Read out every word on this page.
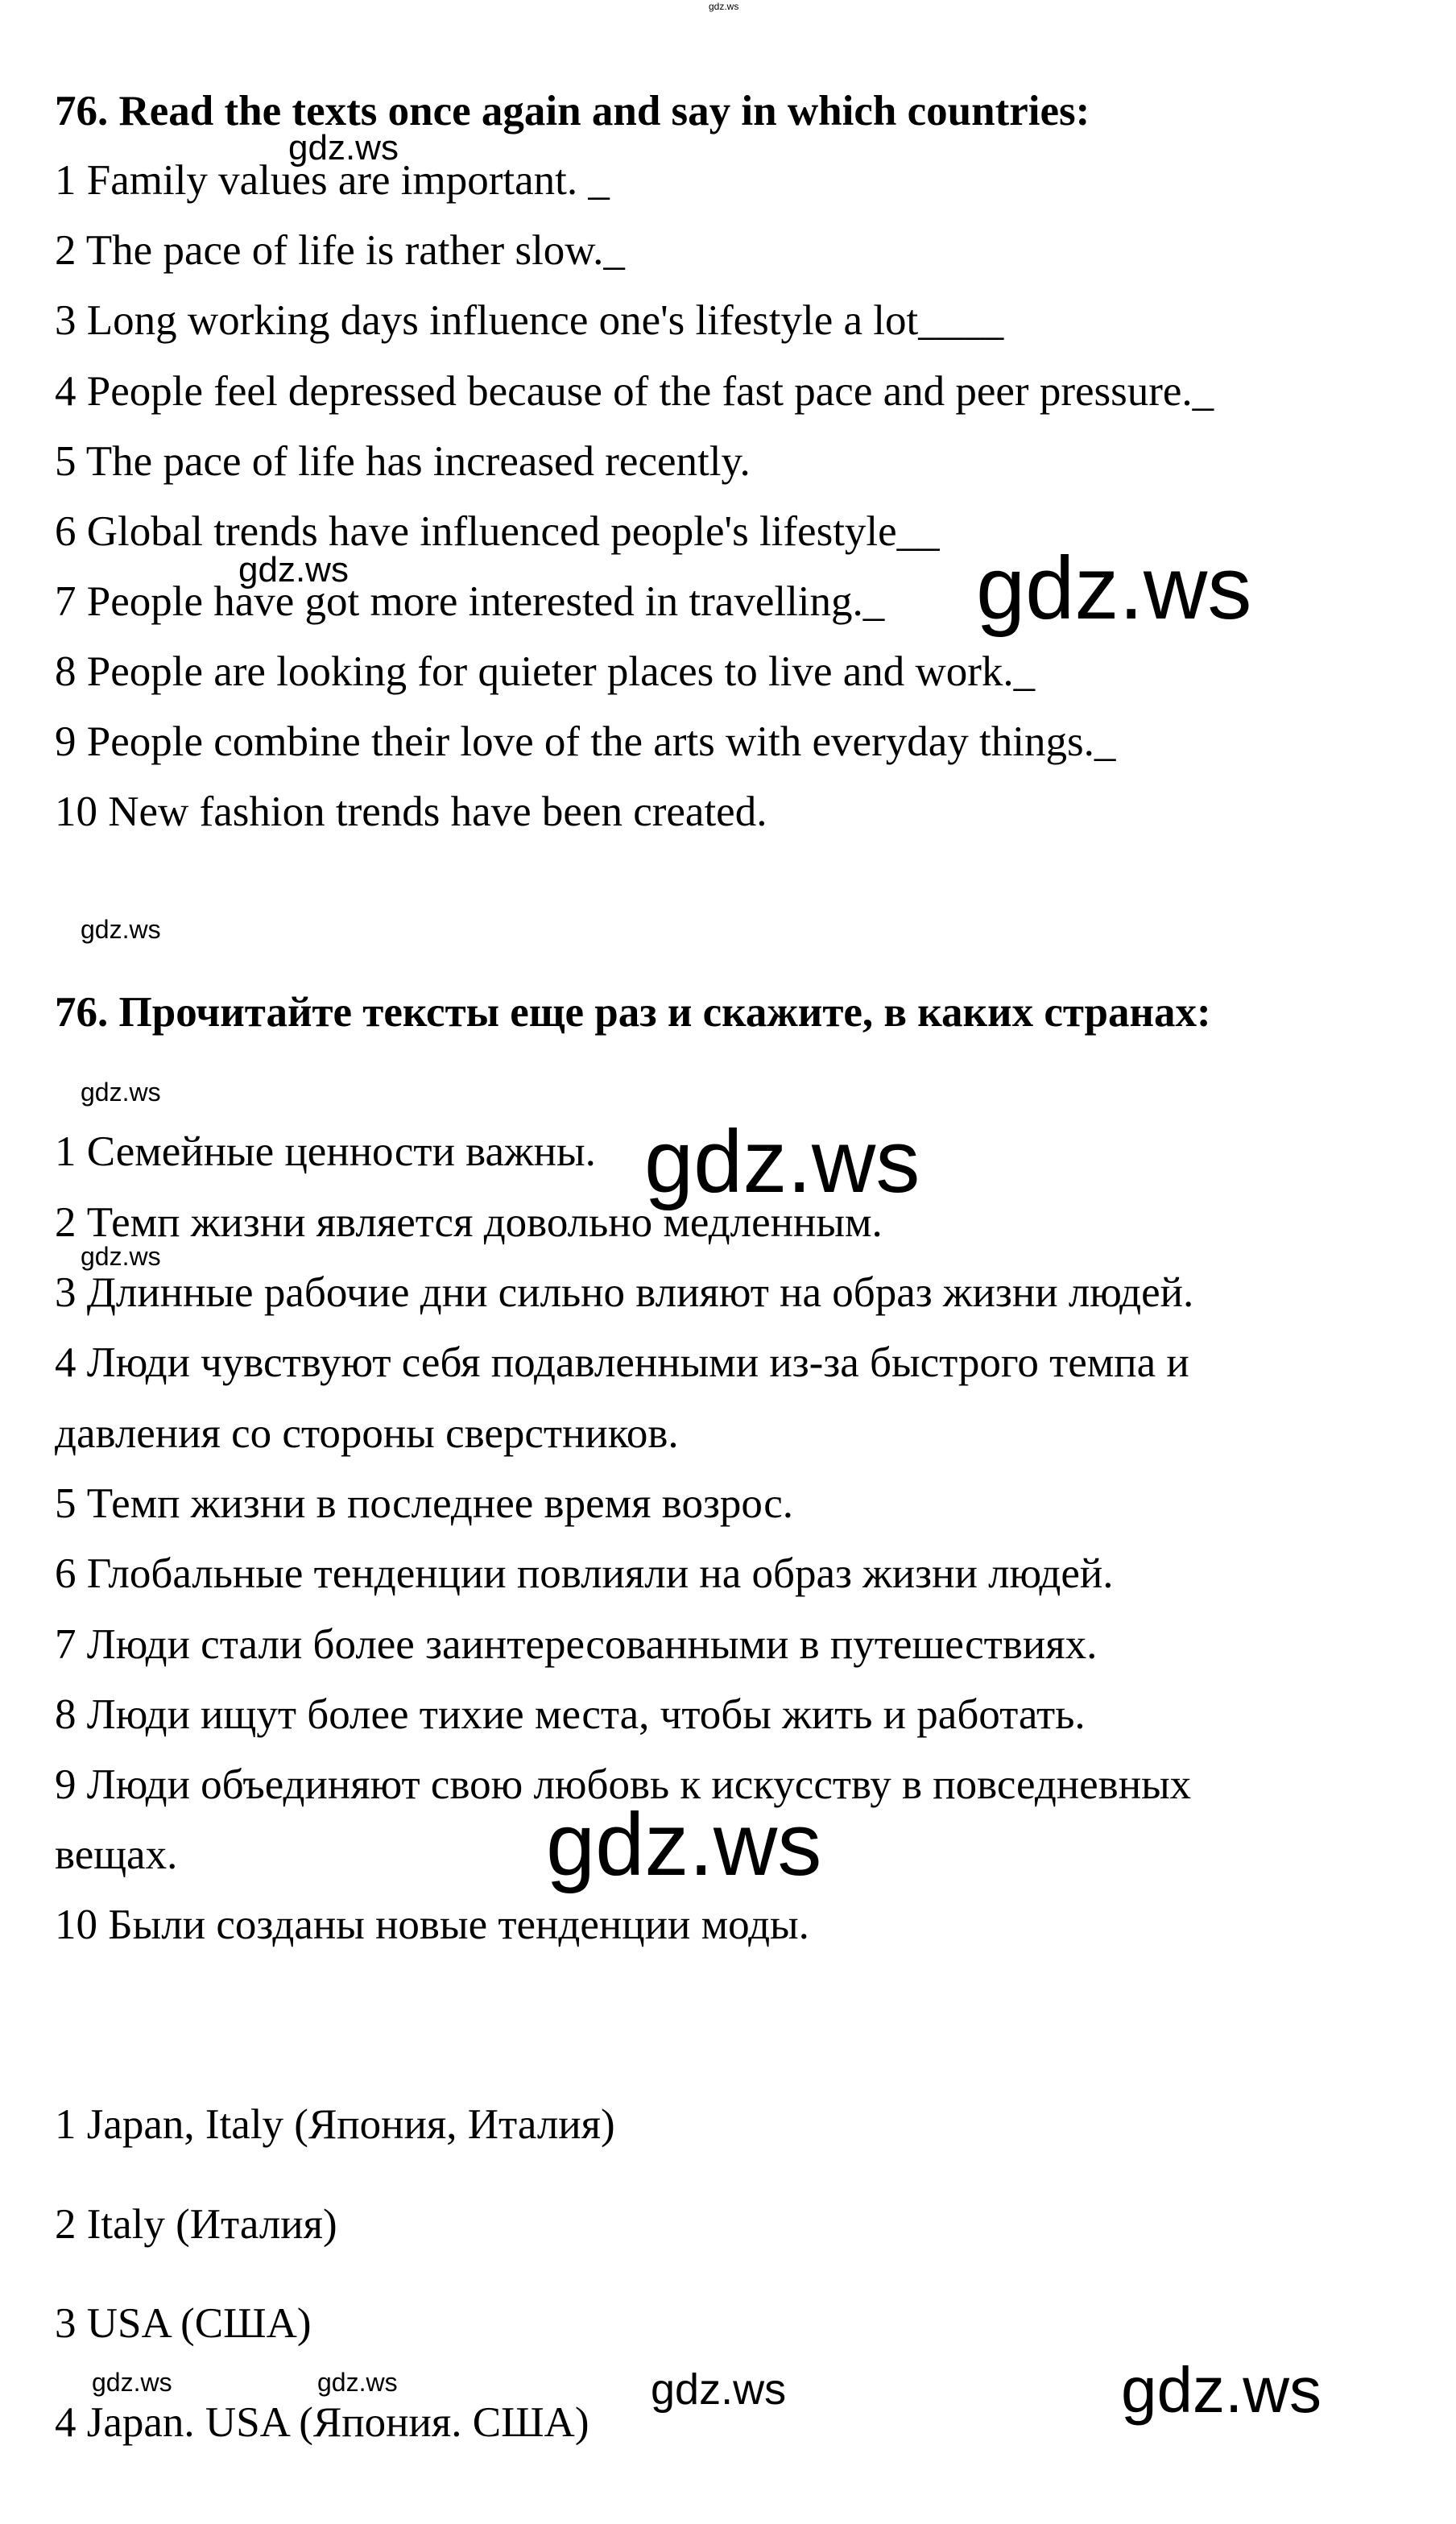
gdz.ws
gdz.ws
gdz.ws	gdz.ws
gdz.ws
gdz.ws
gdz.ws
gdz.ws
gdz.ws
gdz.ws	gdz.ws	gdz.ws	gdz.ws
76. Read the texts once again and say in which countries:
1 Family values are important. _
2 The pace of life is rather slow._
3 Long working days influence one's lifestyle a lot____
4 People feel depressed because of the fast pace and peer pressure._
5 The pace of life has increased recently.
6 Global trends have influenced people's lifestyle__
7 People have got more interested in travelling._
8 People are looking for quieter places to live and work._
9 People combine their love of the arts with everyday things._
10 New fashion trends have been created.
76. Прочитайте тексты еще раз и скажите, в каких странах:
1 Семейные ценности важны.
2 Темп жизни является довольно медленным.
3 Длинные рабочие дни сильно влияют на образ жизни людей.
4 Люди чувствуют себя подавленными из-за быстрого темпа и
давления со стороны сверстников.
5 Темп жизни в последнее время возрос.
6 Глобальные тенденции повлияли на образ жизни людей.
7 Люди стали более заинтересованными в путешествиях.
8 Люди ищут более тихие места, чтобы жить и работать.
9 Люди объединяют свою любовь к искусству в повседневных
вещах.
10 Были созданы новые тенденции моды.
1 Japan, Italy (Япония, Италия)
2 Italy (Италия)
3 USA (США)
4 Japan. USA (Япония. США)
